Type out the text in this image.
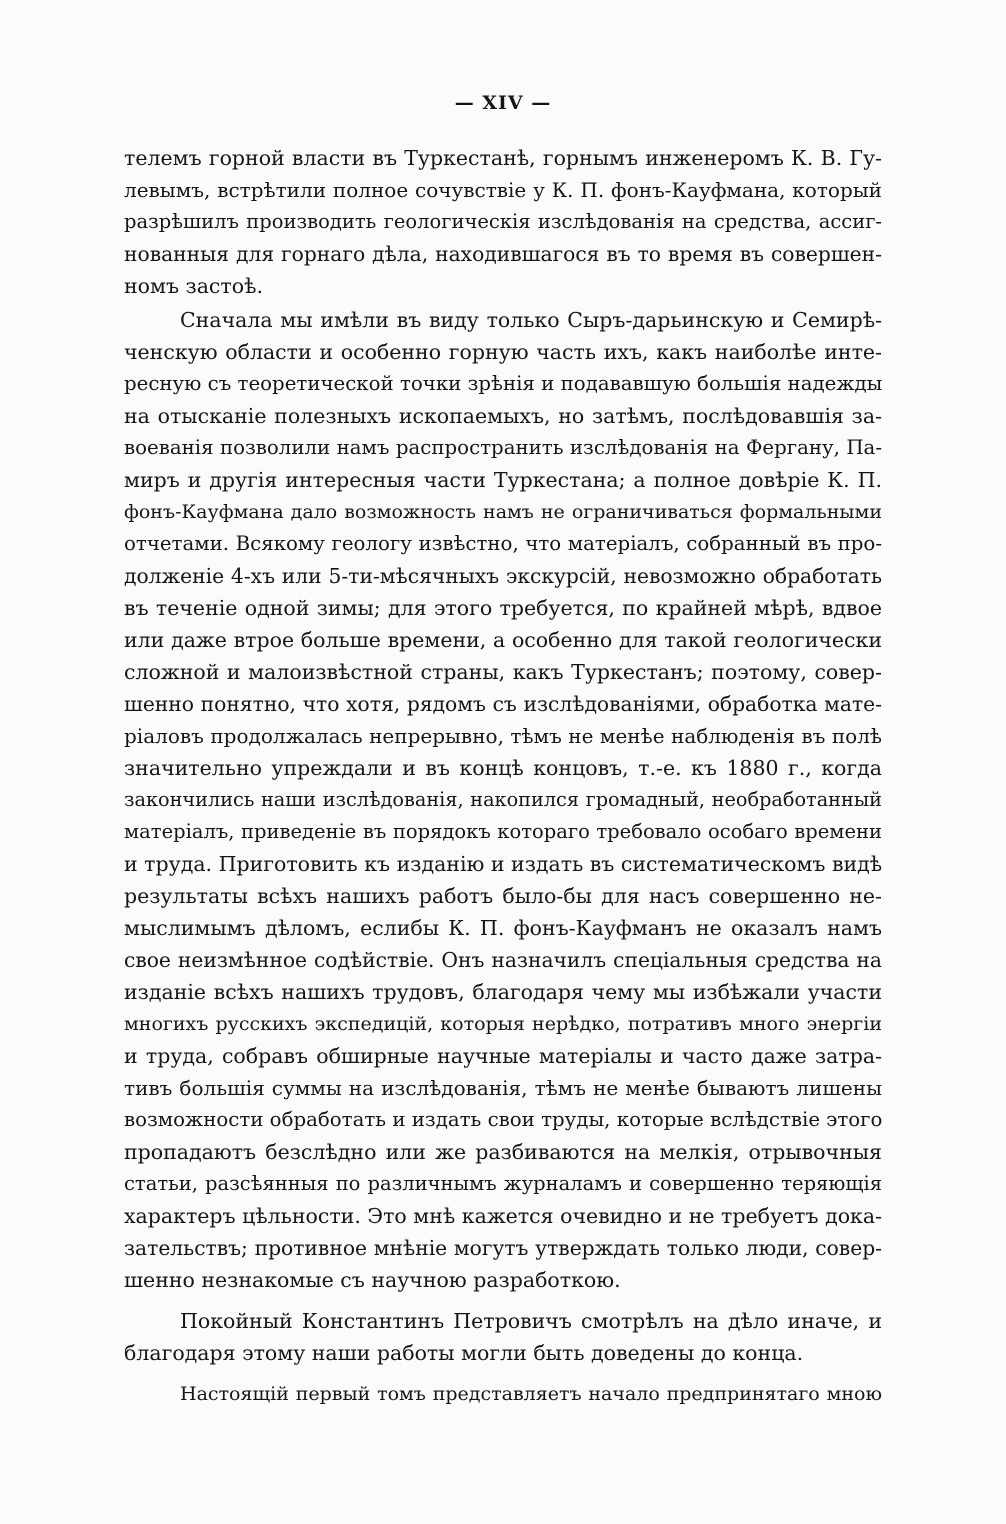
— XIV —
телемъ горной власти въ Туркестанѣ, горнымъ инженеромъ К. В. Гу-
левымъ, встрѣтили полное сочувствіе у К. П. фонъ-Кауфмана, который
разрѣшилъ производить геологическія изслѣдованія на средства, ассиг-
нованныя для горнаго дѣла, находившагося въ то время въ совершен-
номъ застоѣ.
Сначала мы имѣли въ виду только Сыръ-дарьинскую и Семирѣ-
ченскую области и особенно горную часть ихъ, какъ наиболѣе инте-
ресную съ теоретической точки зрѣнія и подававшую большія надежды
на отысканіе полезныхъ ископаемыхъ, но затѣмъ, послѣдовавшія за-
воеванія позволили намъ распространить изслѣдованія на Фергану, Па-
миръ и другія интересныя части Туркестана; а полное довѣріе К. П.
фонъ-Кауфмана дало возможность намъ не ограничиваться формальными
отчетами. Всякому геологу извѣстно, что матеріалъ, собранный въ про-
долженіе 4-хъ или 5-ти-мѣсячныхъ экскурсій, невозможно обработать
въ теченіе одной зимы; для этого требуется, по крайней мѣрѣ, вдвое
или даже втрое больше времени, а особенно для такой геологически
сложной и малоизвѣстной страны, какъ Туркестанъ; поэтому, совер-
шенно понятно, что хотя, рядомъ съ изслѣдованіями, обработка мате-
ріаловъ продолжалась непрерывно, тѣмъ не менѣе наблюденія въ полѣ
значительно упреждали и въ концѣ концовъ, т.-е. къ 1880 г., когда
закончились наши изслѣдованія, накопился громадный, необработанный
матеріалъ, приведеніе въ порядокъ котораго требовало особаго времени
и труда. Приготовить къ изданію и издать въ систематическомъ видѣ
результаты всѣхъ нашихъ работъ было-бы для насъ совершенно не-
мыслимымъ дѣломъ, еслибы К. П. фонъ-Кауфманъ не оказалъ намъ
свое неизмѣнное содѣйствіе. Онъ назначилъ спеціальныя средства на
изданіе всѣхъ нашихъ трудовъ, благодаря чему мы избѣжали участи
многихъ русскихъ экспедицій, которыя нерѣдко, потративъ много энергіи
и труда, собравъ обширные научные матеріалы и часто даже затра-
тивъ большія суммы на изслѣдованія, тѣмъ не менѣе бываютъ лишены
возможности обработать и издать свои труды, которые вслѣдствіе этого
пропадаютъ безслѣдно или же разбиваются на мелкія, отрывочныя
статьи, разсѣянныя по различнымъ журналамъ и совершенно теряющія
характеръ цѣльности. Это мнѣ кажется очевидно и не требуетъ дока-
зательствъ; противное мнѣніе могутъ утверждать только люди, совер-
шенно незнакомые съ научною разработкою.
Покойный Константинъ Петровичъ смотрѣлъ на дѣло иначе, и
благодаря этому наши работы могли быть доведены до конца.
Настоящій первый томъ представляетъ начало предпринятаго мною
